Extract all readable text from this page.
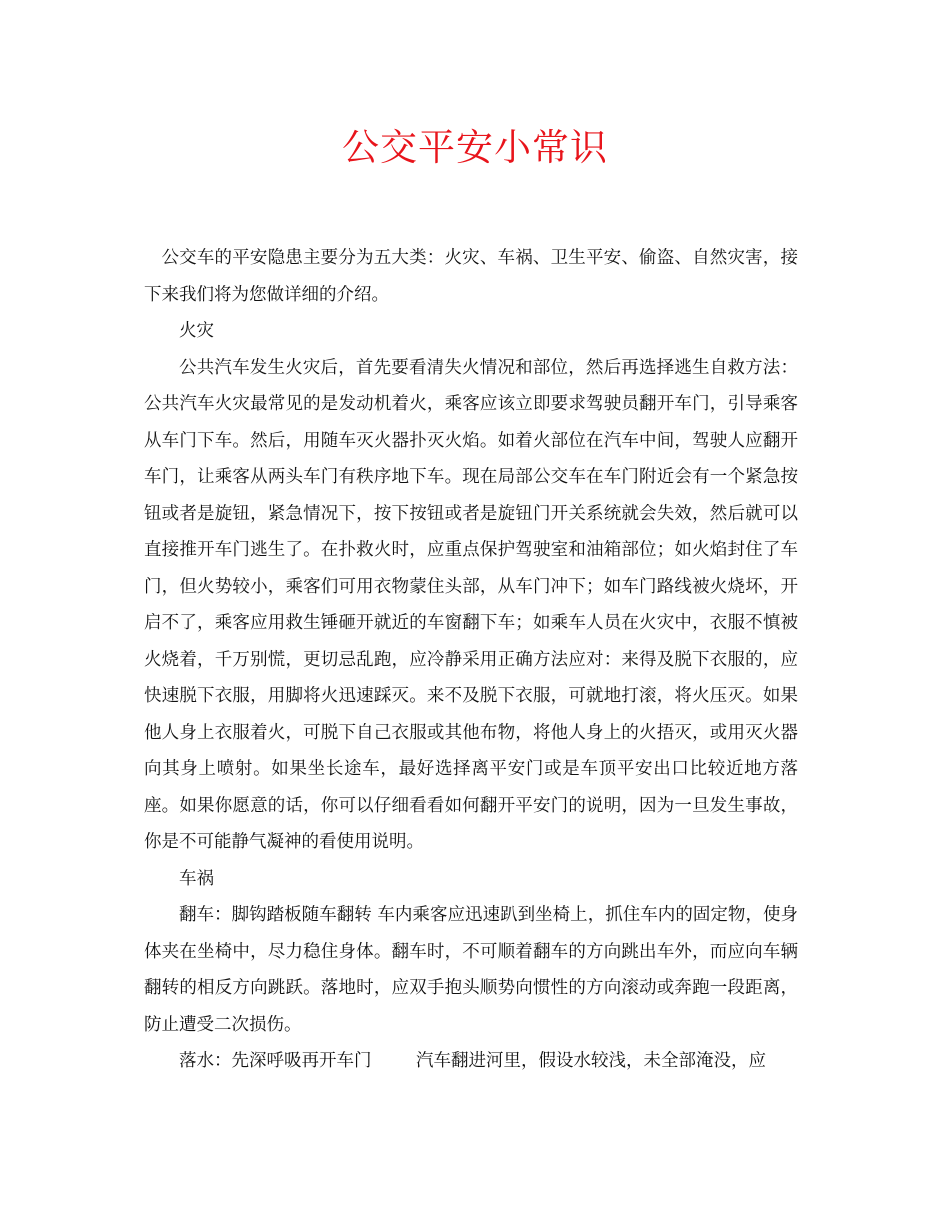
公交平安小常识

公交车的平安隐患主要分为五大类：火灾、车祸、卫生平安、偷盗、自然灾害，接下来我们将为您做详细的介绍。

火灾

公共汽车发生火灾后，首先要看清失火情况和部位，然后再选择逃生自救方法：公共汽车火灾最常见的是发动机着火，乘客应该立即要求驾驶员翻开车门，引导乘客从车门下车。然后，用随车灭火器扑灭火焰。如着火部位在汽车中间，驾驶人应翻开车门，让乘客从两头车门有秩序地下车。现在局部公交车在车门附近会有一个紧急按钮或者是旋钮，紧急情况下，按下按钮或者是旋钮门开关系统就会失效，然后就可以直接推开车门逃生了。在扑救火时，应重点保护驾驶室和油箱部位；如火焰封住了车门，但火势较小，乘客们可用衣物蒙住头部，从车门冲下；如车门路线被火烧坏，开启不了，乘客应用救生锤砸开就近的车窗翻下车；如乘车人员在火灾中，衣服不慎被火烧着，千万别慌，更切忌乱跑，应冷静采用正确方法应对：来得及脱下衣服的，应快速脱下衣服，用脚将火迅速踩灭。来不及脱下衣服，可就地打滚，将火压灭。如果他人身上衣服着火，可脱下自己衣服或其他布物，将他人身上的火捂灭，或用灭火器向其身上喷射。如果坐长途车，最好选择离平安门或是车顶平安出口比较近地方落座。如果你愿意的话，你可以仔细看看如何翻开平安门的说明，因为一旦发生事故，你是不可能静气凝神的看使用说明。

车祸

翻车：脚钩踏板随车翻转 车内乘客应迅速趴到坐椅上，抓住车内的固定物，使身体夹在坐椅中，尽力稳住身体。翻车时，不可顺着翻车的方向跳出车外，而应向车辆翻转的相反方向跳跃。落地时，应双手抱头顺势向惯性的方向滚动或奔跑一段距离，防止遭受二次损伤。

落水：先深呼吸再开车门        汽车翻进河里，假设水较浅，未全部淹没，应
